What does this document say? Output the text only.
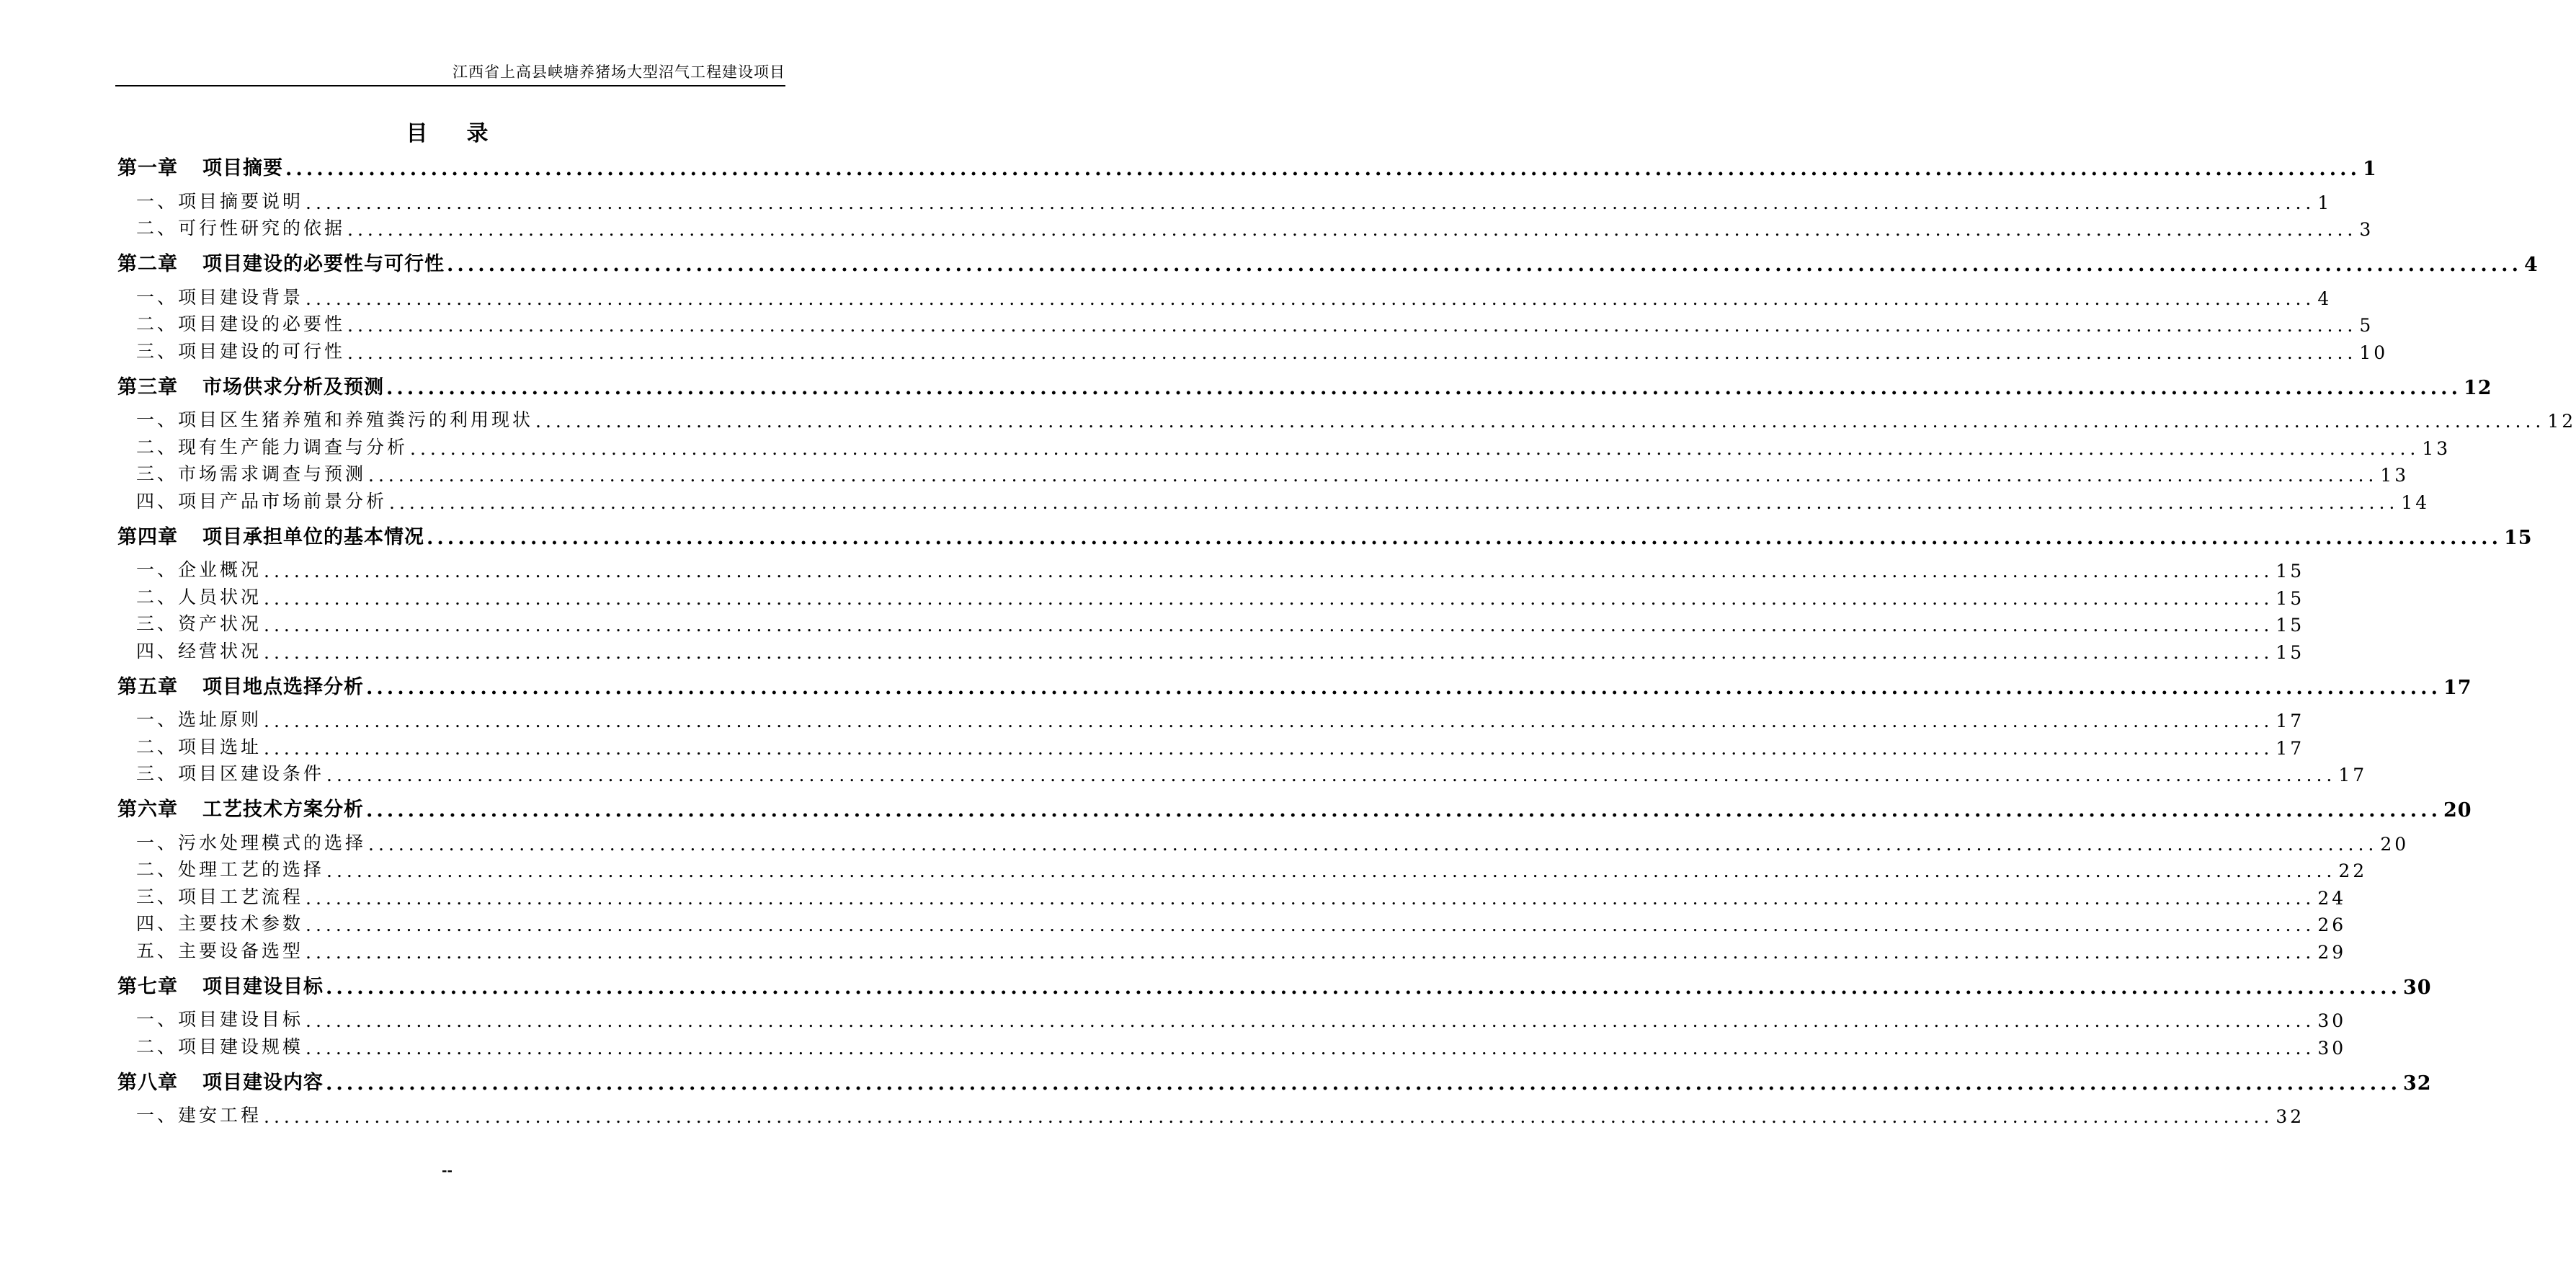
江西省上高县峡塘养猪场大型沼气工程建设项目
目 录
第一章 项目摘要 ........................................................................................................................................................................................................ 1
一、项目摘要说明 ........................................................................................................................................................................................................ 1
二、可行性研究的依据 ........................................................................................................................................................................................................ 3
第二章 项目建设的必要性与可行性 ........................................................................................................................................................................................................ 4
一、项目建设背景 ........................................................................................................................................................................................................ 4
二、项目建设的必要性 ........................................................................................................................................................................................................ 5
三、项目建设的可行性 ........................................................................................................................................................................................................ 10
第三章 市场供求分析及预测 ........................................................................................................................................................................................................ 12
一、项目区生猪养殖和养殖粪污的利用现状 ........................................................................................................................................................................................................ 12
二、现有生产能力调查与分析 ........................................................................................................................................................................................................ 13
三、市场需求调查与预测 ........................................................................................................................................................................................................ 13
四、项目产品市场前景分析 ........................................................................................................................................................................................................ 14
第四章 项目承担单位的基本情况 ........................................................................................................................................................................................................ 15
一、企业概况 ........................................................................................................................................................................................................ 15
二、人员状况 ........................................................................................................................................................................................................ 15
三、资产状况 ........................................................................................................................................................................................................ 15
四、经营状况 ........................................................................................................................................................................................................ 15
第五章 项目地点选择分析 ........................................................................................................................................................................................................ 17
一、选址原则 ........................................................................................................................................................................................................ 17
二、项目选址 ........................................................................................................................................................................................................ 17
三、项目区建设条件 ........................................................................................................................................................................................................ 17
第六章 工艺技术方案分析 ........................................................................................................................................................................................................ 20
一、污水处理模式的选择 ........................................................................................................................................................................................................ 20
二、处理工艺的选择 ........................................................................................................................................................................................................ 22
三、项目工艺流程 ........................................................................................................................................................................................................ 24
四、主要技术参数 ........................................................................................................................................................................................................ 26
五、主要设备选型 ........................................................................................................................................................................................................ 29
第七章 项目建设目标 ........................................................................................................................................................................................................ 30
一、项目建设目标 ........................................................................................................................................................................................................ 30
二、项目建设规模 ........................................................................................................................................................................................................ 30
第八章 项目建设内容 ........................................................................................................................................................................................................ 32
一、建安工程 ........................................................................................................................................................................................................ 32
--
